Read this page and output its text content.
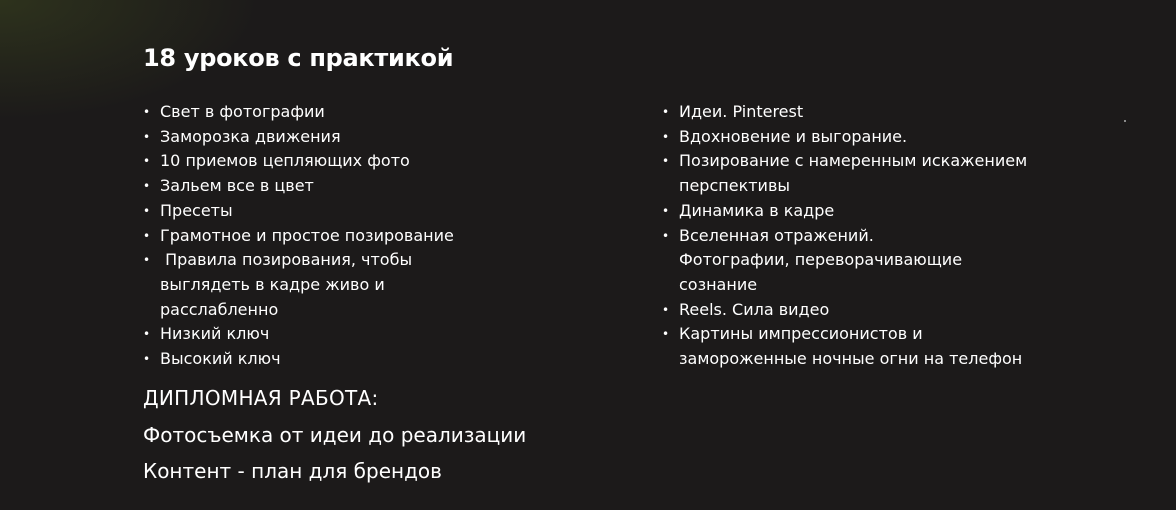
18 уроков с практикой
• Свет в фотографии
• Заморозка движения
• 10 приемов цепляющих фото
• Зальем все в цвет
• Пресеты
• Грамотное и простое позирование
•  Правила позирования, чтобы выглядеть в кадре живо и расслабленно
• Низкий ключ
• Высокий ключ
• Идеи. Pinterest
• Вдохновение и выгорание.
• Позирование с намеренным искажением перспективы
• Динамика в кадре
• Вселенная отражений. Фотографии, переворачивающие сознание
• Reels. Сила видео
• Картины импрессионистов и замороженные ночные огни на телефон
ДИПЛОМНАЯ РАБОТА:
Фотосъемка от идеи до реализации
Контент - план для брендов
